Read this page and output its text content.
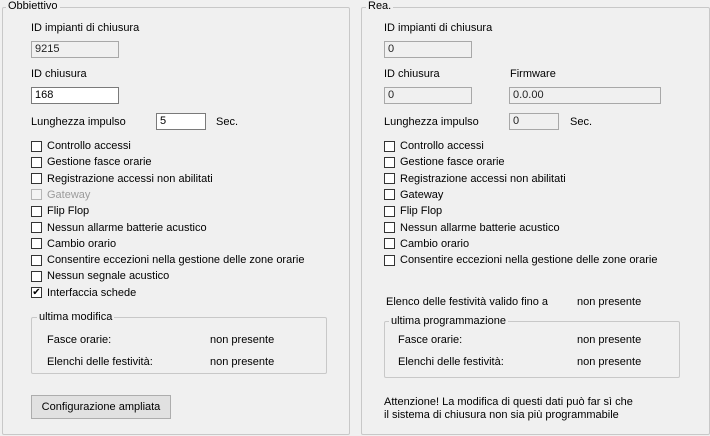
Obbiettivo
ID impianti di chiusura
9215
ID chiusura
168
Lunghezza impulso	5	Sec.
Controllo accessi
Gestione fasce orarie
Registrazione accessi non abilitati
Gateway
Flip Flop
Nessun allarme batterie acustico
Cambio orario
Consentire eccezioni nella gestione delle zone orarie
Nessun segnale acustico
✔ Interfaccia schede
ultima modifica
Fasce orarie:	non presente
Elenchi delle festività:	non presente
Configurazione ampliata
Rea.
ID impianti di chiusura
0
ID chiusura
0
Firmware
0.0.00
Lunghezza impulso	0	Sec.
Controllo accessi
Gestione fasce orarie
Registrazione accessi non abilitati
Gateway
Flip Flop
Nessun allarme batterie acustico
Cambio orario
Consentire eccezioni nella gestione delle zone orarie
Elenco delle festività valido fino a	non presente
ultima programmazione
Fasce orarie:	non presente
Elenchi delle festività:	non presente
Attenzione! La modifica di questi dati può far sì che
il sistema di chiusura non sia più programmabile
